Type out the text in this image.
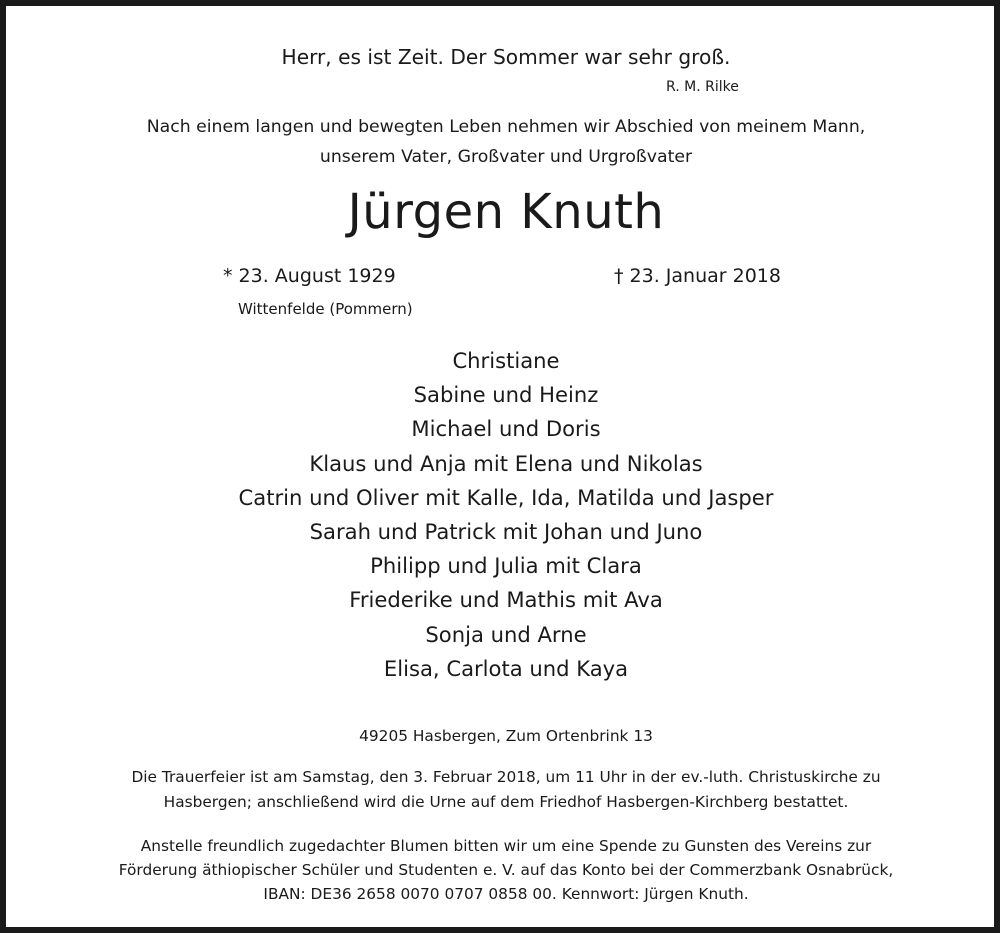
Herr, es ist Zeit. Der Sommer war sehr groß.
R. M. Rilke
Nach einem langen und bewegten Leben nehmen wir Abschied von meinem Mann,
unserem Vater, Großvater und Urgroßvater
Jürgen Knuth
* 23. August 1929	† 23. Januar 2018
Wittenfelde (Pommern)
Christiane
Sabine und Heinz
Michael und Doris
Klaus und Anja mit Elena und Nikolas
Catrin und Oliver mit Kalle, Ida, Matilda und Jasper
Sarah und Patrick mit Johan und Juno
Philipp und Julia mit Clara
Friederike und Mathis mit Ava
Sonja und Arne
Elisa, Carlota und Kaya
49205 Hasbergen, Zum Ortenbrink 13
Die Trauerfeier ist am Samstag, den 3. Februar 2018, um 11 Uhr in der ev.-luth. Christuskirche zu
Hasbergen; anschließend wird die Urne auf dem Friedhof Hasbergen-Kirchberg bestattet.
Anstelle freundlich zugedachter Blumen bitten wir um eine Spende zu Gunsten des Vereins zur
Förderung äthiopischer Schüler und Studenten e. V. auf das Konto bei der Commerzbank Osnabrück,
IBAN: DE36 2658 0070 0707 0858 00. Kennwort: Jürgen Knuth.
